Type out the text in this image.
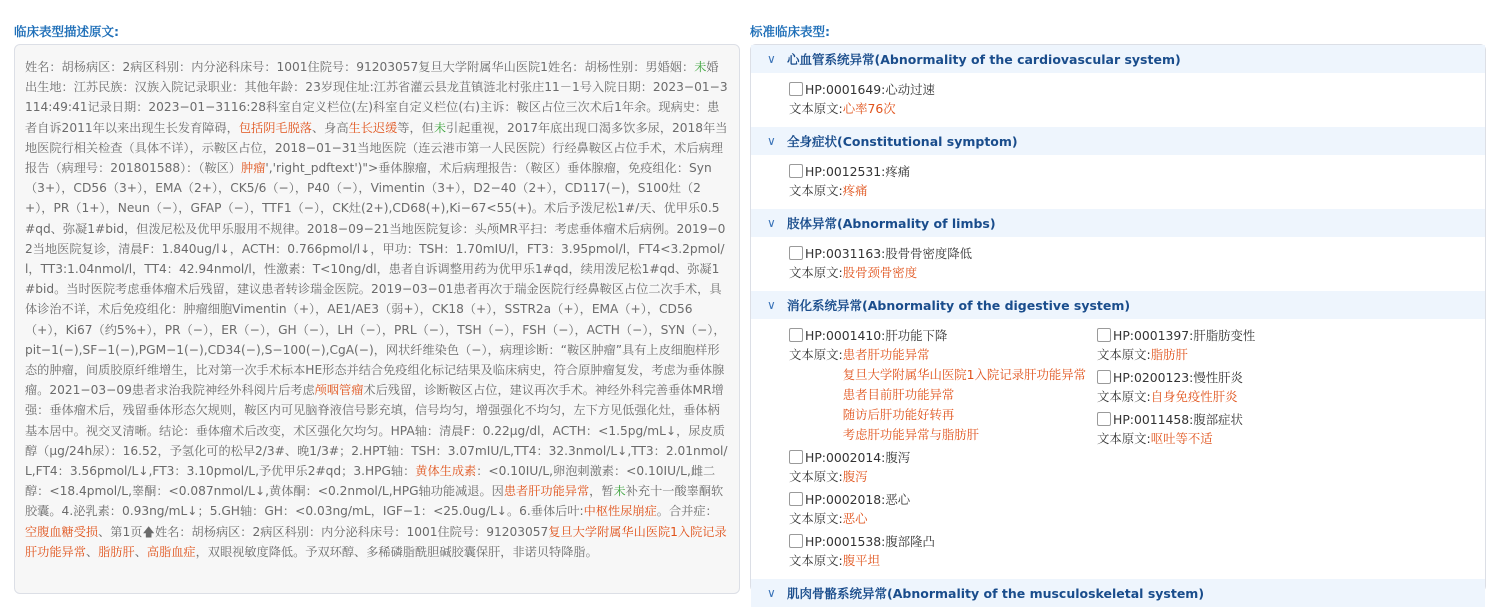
临床表型描述原文:
姓名：胡杨病区：2病区科别：内分泌科床号：1001住院号：91203057复旦大学附属华山医院1姓名：胡杨性别：男婚姻：未婚出生地：江苏民族：汉族入院记录职业：其他年龄：23岁现住址:江苏省灌云县龙苴镇涟北村张庄11－1号入院日期：2023−01−3114:49:41记录日期：2023−01−3116:28科室自定义栏位(左)科室自定义栏位(右)主诉：鞍区占位三次术后1年余。现病史：患者自诉2011年以来出现生长发育障碍，包括阴毛脱落、身高生长迟缓等，但未引起重视，2017年底出现口渴多饮多尿，2018年当地医院行相关检查（具体不详），示鞍区占位，2018−01−31当地医院（连云港市第一人民医院）行经鼻鞍区占位手术，术后病理报告（病理号：201801588）：（鞍区）肿瘤','right_pdftext')">垂体腺瘤，术后病理报告：（鞍区）垂体腺瘤，免疫组化：Syn（3+），CD56（3+），EMA（2+），CK5/6（−），P40（−），Vimentin（3+），D2−40（2+），CD117(−)，S100灶（2+），PR（1+），Neun（−），GFAP（−），TTF1（−），CK灶(2+),CD68(+),Ki−67<55(+)。术后予泼尼松1#/天、优甲乐0.5#qd、弥凝1#bid，但泼尼松及优甲乐服用不规律。2018−09−21当地医院复诊：头颅MR平扫：考虑垂体瘤术后病例。2019−02当地医院复诊，清晨F：1.840ug/l↓，ACTH：0.766pmol/l↓，甲功：TSH：1.70mIU/l，FT3：3.95pmol/l，FT4<3.2pmol/l，TT3:1.04nmol/l，TT4：42.94nmol/l，性激素：T<10ng/dl，患者自诉调整用药为优甲乐1#qd，续用泼尼松1#qd、弥凝1#bid。当时医院考虑垂体瘤术后残留，建议患者转诊瑞金医院。2019−03−01患者再次于瑞金医院行经鼻鞍区占位二次手术，具体诊治不详，术后免疫组化：肿瘤细胞Vimentin（+），AE1/AE3（弱+），CK18（+），SSTR2a（+），EMA（+），CD56（+），Ki67（约5%+），PR（−），ER（−），GH（−），LH（−），PRL（−），TSH（−），FSH（−），ACTH（−），SYN（−），pit−1(−),SF−1(−),PGM−1(−),CD34(−),S−100(−),CgA(−)，网状纤维染色（−），病理诊断：“鞍区肿瘤”具有上皮细胞样形态的肿瘤，间质胶原纤维增生，比对第一次手术标本HE形态并结合免疫组化标记结果及临床病史，符合原肿瘤复发，考虑为垂体腺瘤。2021−03−09患者求治我院神经外科阅片后考虑颅咽管瘤术后残留，诊断鞍区占位，建议再次手术。神经外科完善垂体MR增强：垂体瘤术后，残留垂体形态欠规则，鞍区内可见脑脊液信号影充填，信号均匀，增强强化不均匀，左下方见低强化灶，垂体柄基本居中。视交叉清晰。结论：垂体瘤术后改变，术区强化欠均匀。HPA轴：清晨F：0.22μg/dl，ACTH：<1.5pg/mL↓，尿皮质醇（μg/24h尿）：16.52，予氢化可的松早2/3#、晚1/3#；2.HPT轴：TSH：3.07mIU/L,TT4：32.3nmol/L↓,TT3：2.01nmol/L,FT4：3.56pmol/L↓,FT3：3.10pmol/L,予优甲乐2#qd；3.HPG轴：黄体生成素：<0.10IU/L,卵泡刺激素：<0.10IU/L,雌二醇：<18.4pmol/L,睾酮：<0.087nmol/L↓,黄体酮：<0.2nmol/L,HPG轴功能减退。因患者肝功能异常，暂未补充十一酸睾酮软胶囊。4.泌乳素：0.93ng/mL↓；5.GH轴：GH：<0.03ng/mL，IGF−1：<25.0ug/L↓。6.垂体后叶:中枢性尿崩症。合并症：空腹血糖受损、第1页🡅姓名：胡杨病区：2病区科别：内分泌科床号：1001住院号：91203057复旦大学附属华山医院1入院记录肝功能异常、脂肪肝、高脂血症，双眼视敏度降低。予双环醇、多稀磷脂酰胆碱胶囊保肝，非诺贝特降脂。
标准临床表型:
∨ 心血管系统异常(Abnormality of the cardiovascular system)
HP:0001649:心动过速
文本原文: 心率76次
∨ 全身症状(Constitutional symptom)
HP:0012531:疼痛
文本原文: 疼痛
∨ 肢体异常(Abnormality of limbs)
HP:0031163:股骨骨密度降低
文本原文: 股骨颈骨密度
∨ 消化系统异常(Abnormality of the digestive system)
HP:0001410:肝功能下降
文本原文: 患者肝功能异常
复旦大学附属华山医院1入院记录肝功能异常
患者目前肝功能异常
随访后肝功能好转再
考虑肝功能异常与脂肪肝
HP:0002014:腹泻
文本原文: 腹泻
HP:0002018:恶心
文本原文: 恶心
HP:0001538:腹部隆凸
文本原文: 腹平坦
HP:0001397:肝脂肪变性
文本原文: 脂肪肝
HP:0200123:慢性肝炎
文本原文: 自身免疫性肝炎
HP:0011458:腹部症状
文本原文: 呕吐等不适
∨ 肌肉骨骼系统异常(Abnormality of the musculoskeletal system)
